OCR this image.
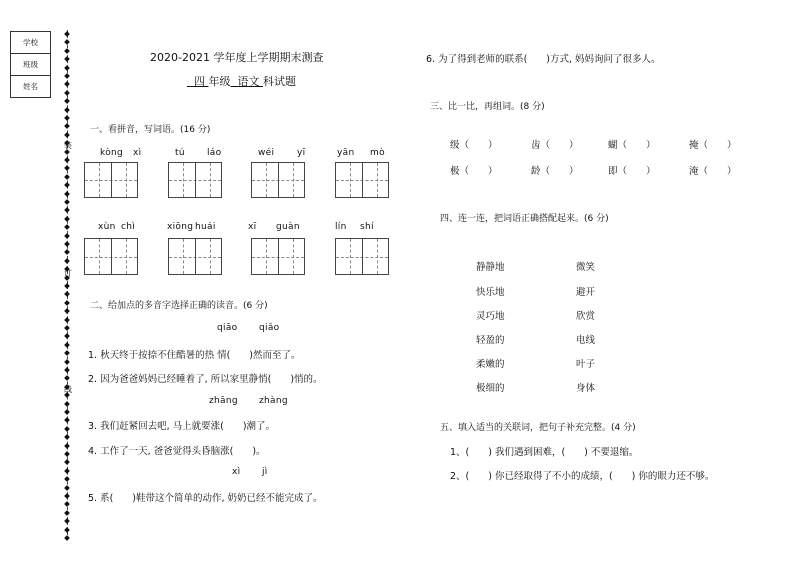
学校
班级
姓名
装
订
线
2020-2021 学年度上学期期末测查
四 年级 语文 科试题
一、看拼音，写词语。(16 分)
kòng xì	tú láo	wéi	yī	yān mò
xùn chì	xiōng huái	xī guàn	lín shí
二、给加点的多音字选择正确的读音。(6 分)
qiāo qiǎo
1. 秋天终于按捺不住酷暑的热 情(　　)然而至了。
2. 因为爸爸妈妈已经睡着了, 所以家里静悄(　　)悄的。
zhāng zhàng
3. 我们赶紧回去吧, 马上就要涨(　　)潮了。
4. 工作了一天, 爸爸觉得头昏脑涨(　　)。
xì jì
5. 系(　　)鞋带这个简单的动作, 奶奶已经不能完成了。
6. 为了得到老师的联系(　　)方式, 妈妈询问了很多人。
三、比一比，再组词。(8 分)
级（　　）	齿（　　）	蝴（　　）	掩（　　）
极（　　）	龄（　　）	即（　　）	淹（　　）
四、连一连，把词语正确搭配起来。(6 分)
静静地	微笑
快乐地	避开
灵巧地	欣赏
轻盈的	电线
柔嫩的	叶子
极细的	身体
五、填入适当的关联词，把句子补充完整。(4 分)
1、(　　) 我们遇到困难，(　　) 不要退缩。
2、(　　) 你已经取得了不小的成绩，(　　) 你的眼力还不够。
